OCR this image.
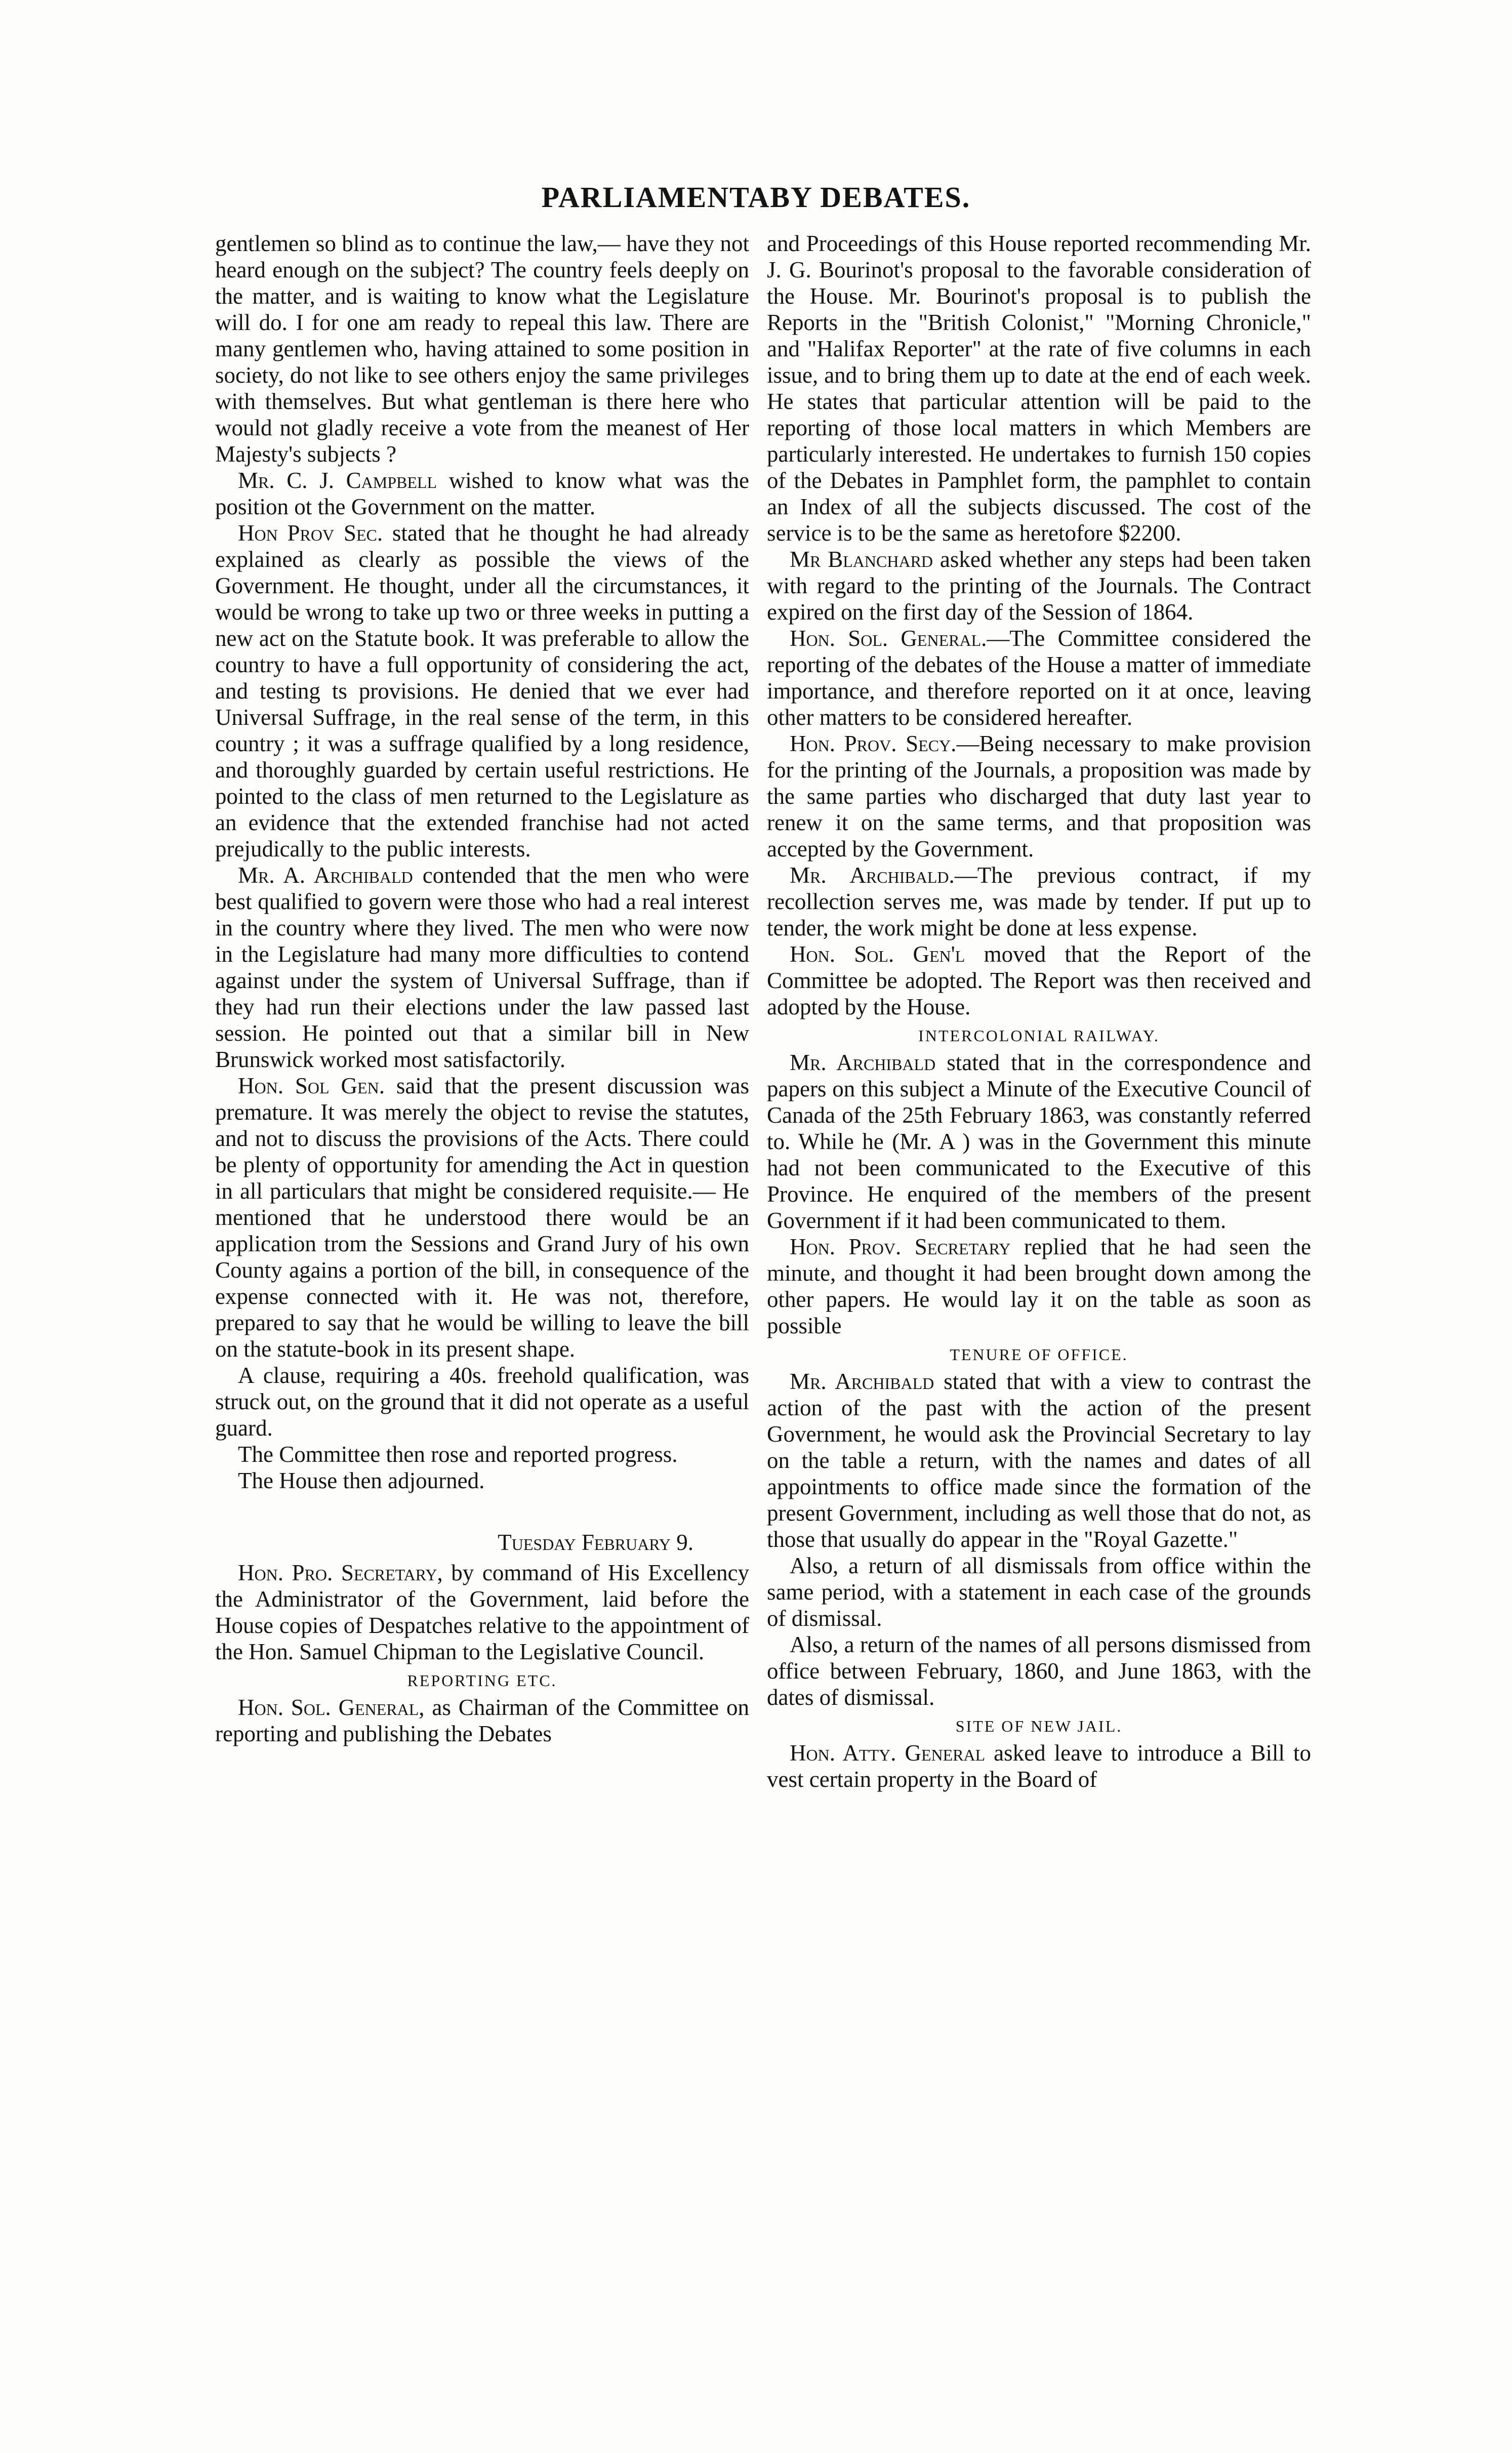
PARLIAMENTABY DEBATES.

gentlemen so blind as to continue the law,— have they not heard enough on the subject? The country feels deeply on the matter, and is waiting to know what the Legislature will do. I for one am ready to repeal this law. There are many gentlemen who, having attained to some position in society, do not like to see others enjoy the same privileges with themselves. But what gentleman is there here who would not gladly receive a vote from the meanest of Her Majesty's subjects ?

Mr. C. J. Campbell wished to know what was the position ot the Government on the matter.

Hon Prov Sec. stated that he thought he had already explained as clearly as possible the views of the Government. He thought, under all the circumstances, it would be wrong to take up two or three weeks in putting a new act on the Statute book. It was preferable to allow the country to have a full opportunity of considering the act, and testing ts provisions. He denied that we ever had Universal Suffrage, in the real sense of the term, in this country ; it was a suffrage qualified by a long residence, and thoroughly guarded by certain useful restrictions. He pointed to the class of men returned to the Legislature as an evidence that the extended franchise had not acted prejudically to the public interests.

Mr. A. Archibald contended that the men who were best qualified to govern were those who had a real interest in the country where they lived. The men who were now in the Legislature had many more difficulties to contend against under the system of Universal Suffrage, than if they had run their elections under the law passed last session. He pointed out that a similar bill in New Brunswick worked most satisfactorily.

Hon. Sol Gen. said that the present discussion was premature. It was merely the object to revise the statutes, and not to discuss the provisions of the Acts. There could be plenty of opportunity for amending the Act in question in all particulars that might be considered requisite.— He mentioned that he understood there would be an application trom the Sessions and Grand Jury of his own County agains a portion of the bill, in consequence of the expense connected with it. He was not, therefore, prepared to say that he would be willing to leave the bill on the statute-book in its present shape.

A clause, requiring a 40s. freehold qualification, was struck out, on the ground that it did not operate as a useful guard.

The Committee then rose and reported progress.

The House then adjourned.

Tuesday February 9.

Hon. Pro. Secretary, by command of His Excellency the Administrator of the Government, laid before the House copies of Despatches relative to the appointment of the Hon. Samuel Chipman to the Legislative Council.

REPORTING ETC.

Hon. Sol. General, as Chairman of the Committee on reporting and publishing the Debates

and Proceedings of this House reported recommending Mr. J. G. Bourinot's proposal to the favorable consideration of the House. Mr. Bourinot's proposal is to publish the Reports in the "British Colonist," "Morning Chronicle," and "Halifax Reporter" at the rate of five columns in each issue, and to bring them up to date at the end of each week. He states that particular attention will be paid to the reporting of those local matters in which Members are particularly interested. He undertakes to furnish 150 copies of the Debates in Pamphlet form, the pamphlet to contain an Index of all the subjects discussed. The cost of the service is to be the same as heretofore $2200.

Mr Blanchard asked whether any steps had been taken with regard to the printing of the Journals. The Contract expired on the first day of the Session of 1864.

Hon. Sol. General.—The Committee considered the reporting of the debates of the House a matter of immediate importance, and therefore reported on it at once, leaving other matters to be considered hereafter.

Hon. Prov. Secy.—Being necessary to make provision for the printing of the Journals, a proposition was made by the same parties who discharged that duty last year to renew it on the same terms, and that proposition was accepted by the Government.

Mr. Archibald.—The previous contract, if my recollection serves me, was made by tender. If put up to tender, the work might be done at less expense.

Hon. Sol. Gen'l moved that the Report of the Committee be adopted. The Report was then received and adopted by the House.

INTERCOLONIAL RAILWAY.

Mr. Archibald stated that in the correspondence and papers on this subject a Minute of the Executive Council of Canada of the 25th February 1863, was constantly referred to. While he (Mr. A ) was in the Government this minute had not been communicated to the Executive of this Province. He enquired of the members of the present Government if it had been communicated to them.

Hon. Prov. Secretary replied that he had seen the minute, and thought it had been brought down among the other papers. He would lay it on the table as soon as possible

TENURE OF OFFICE.

Mr. Archibald stated that with a view to contrast the action of the past with the action of the present Government, he would ask the Provincial Secretary to lay on the table a return, with the names and dates of all appointments to office made since the formation of the present Government, including as well those that do not, as those that usually do appear in the "Royal Gazette."

Also, a return of all dismissals from office within the same period, with a statement in each case of the grounds of dismissal.

Also, a return of the names of all persons dismissed from office between February, 1860, and June 1863, with the dates of dismissal.

SITE OF NEW JAIL.

Hon. Atty. General asked leave to introduce a Bill to vest certain property in the Board of
